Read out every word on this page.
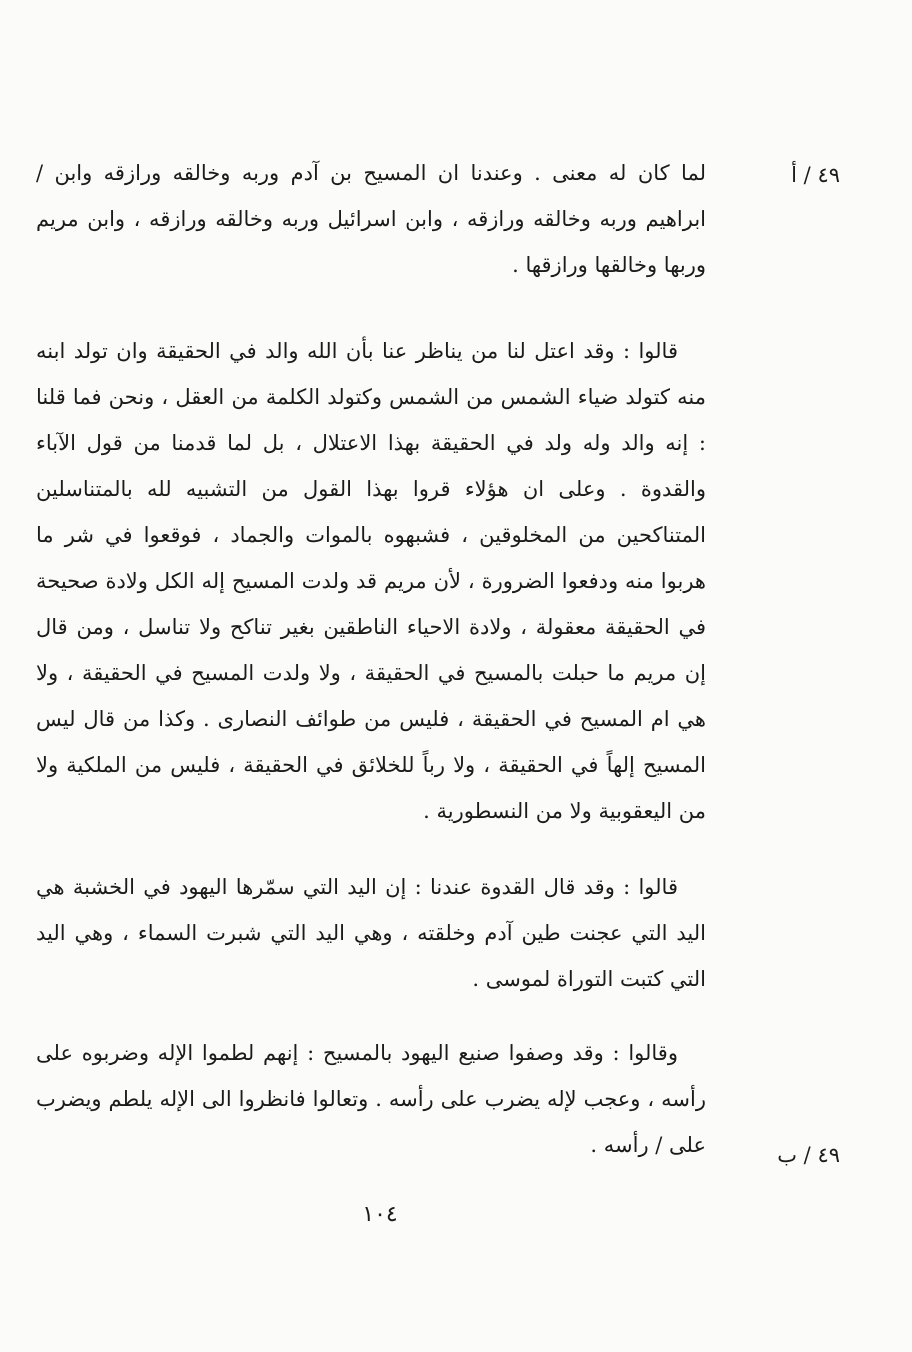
٤٩ / أ
٤٩ / ب

لما كان له معنى . وعندنا ان المسيح بن آدم وربه وخالقه ورازقه وابن / ابراهيم وربه وخالقه ورازقه ، وابن اسرائيل وربه وخالقه ورازقه ، وابن مريم وربها وخالقها ورازقها .

قالوا : وقد اعتل لنا من يناظر عنا بأن الله والد في الحقيقة وان تولد ابنه منه كتولد ضياء الشمس من الشمس وكتولد الكلمة من العقل ، ونحن فما قلنا : إنه والد وله ولد في الحقيقة بهذا الاعتلال ، بل لما قدمنا من قول الآباء والقدوة . وعلى ان هؤلاء قروا بهذا القول من التشبيه لله بالمتناسلين المتناكحين من المخلوقين ، فشبهوه بالموات والجماد ، فوقعوا في شر ما هربوا منه ودفعوا الضرورة ، لأن مريم قد ولدت المسيح إله الكل ولادة صحيحة في الحقيقة معقولة ، ولادة الاحياء الناطقين بغير تناكح ولا تناسل ، ومن قال إن مريم ما حبلت بالمسيح في الحقيقة ، ولا ولدت المسيح في الحقيقة ، ولا هي ام المسيح في الحقيقة ، فليس من طوائف النصارى . وكذا من قال ليس المسيح إلهاً في الحقيقة ، ولا رباً للخلائق في الحقيقة ، فليس من الملكية ولا من اليعقوبية ولا من النسطورية .

قالوا : وقد قال القدوة عندنا : إن اليد التي سمّرها اليهود في الخشبة هي اليد التي عجنت طين آدم وخلقته ، وهي اليد التي شبرت السماء ، وهي اليد التي كتبت التوراة لموسى .

وقالوا : وقد وصفوا صنيع اليهود بالمسيح : إنهم لطموا الإله وضربوه على رأسه ، وعجب لإله يضرب على رأسه . وتعالوا فانظروا الى الإله يلطم ويضرب على / رأسه .

١٠٤
